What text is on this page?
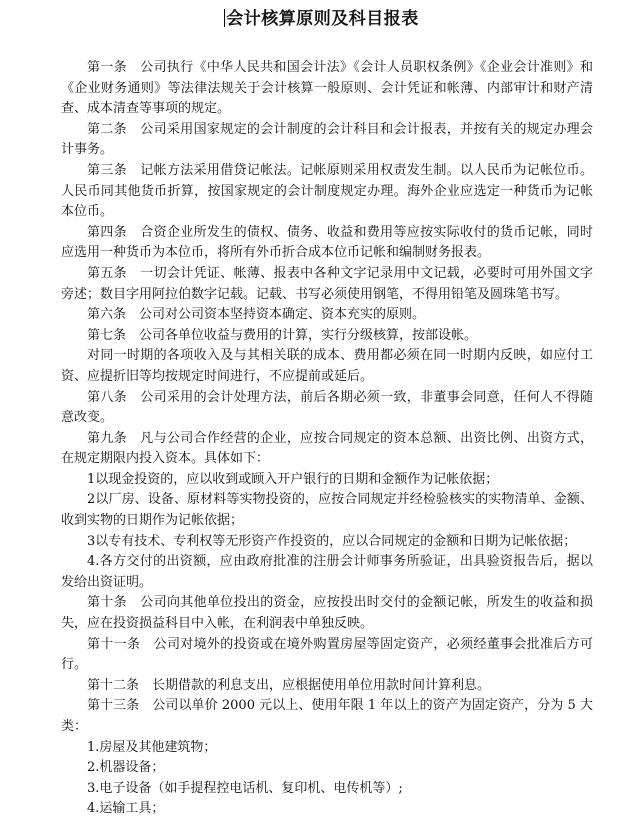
会计核算原则及科目报表

第一条　公司执行《中华人民共和国会计法》《会计人员职权条例》《企业会计准则》和《企业财务通则》等法律法规关于会计核算一般原则、会计凭证和帐薄、内部审计和财产清查、成本清查等事项的规定。

第二条　公司采用国家规定的会计制度的会计科目和会计报表，并按有关的规定办理会计事务。

第三条　记帐方法采用借贷记帐法。记帐原则采用权责发生制。以人民币为记帐位币。人民币同其他货币折算，按国家规定的会计制度规定办理。海外企业应选定一种货币为记帐本位币。

第四条　合资企业所发生的债权、债务、收益和费用等应按实际收付的货币记帐，同时应选用一种货币为本位币，将所有外币折合成本位币记帐和编制财务报表。

第五条　一切会计凭证、帐薄、报表中各种文字记录用中文记载，必要时可用外国文字旁述；数目字用阿拉伯数字记载。记载、书写必须使用钢笔，不得用铅笔及圆珠笔书写。

第六条　公司对公司资本坚持资本确定、资本充实的原则。

第七条　公司各单位收益与费用的计算，实行分级核算，按部设帐。

对同一时期的各项收入及与其相关联的成本、费用都必须在同一时期内反映，如应付工资、应提折旧等均按规定时间进行，不应提前或延后。

第八条　公司采用的会计处理方法，前后各期必须一致，非董事会同意，任何人不得随意改变。

第九条　凡与公司合作经营的企业，应按合同规定的资本总额、出资比例、出资方式，在规定期限内投入资本。具体如下：

1以现金投资的，应以收到或顾入开户银行的日期和金额作为记帐依据；

2以厂房、设备、原材料等实物投资的，应按合同规定并经检验核实的实物清单、金额、收到实物的日期作为记帐依据；

3以专有技术、专利权等无形资产作投资的，应以合同规定的金额和日期为记帐依据；

4.各方交付的出资额，应由政府批准的注册会计师事务所验证，出具验资报告后，据以发给出资证明。

第十条　公司向其他单位投出的资金，应按投出时交付的金额记帐，所发生的收益和损失，应在投资损益科目中入帐，在利润表中单独反映。

第十一条　公司对境外的投资或在境外购置房屋等固定资产，必须经董事会批准后方可行。

第十二条　长期借款的利息支出，应根据使用单位用款时间计算利息。

第十三条　公司以单价 2000 元以上、使用年限 1 年以上的资产为固定资产，分为 5 大类：

1.房屋及其他建筑物；

2.机器设备；

3.电子设备（如手提程控电话机、复印机、电传机等）;

4.运输工具；
